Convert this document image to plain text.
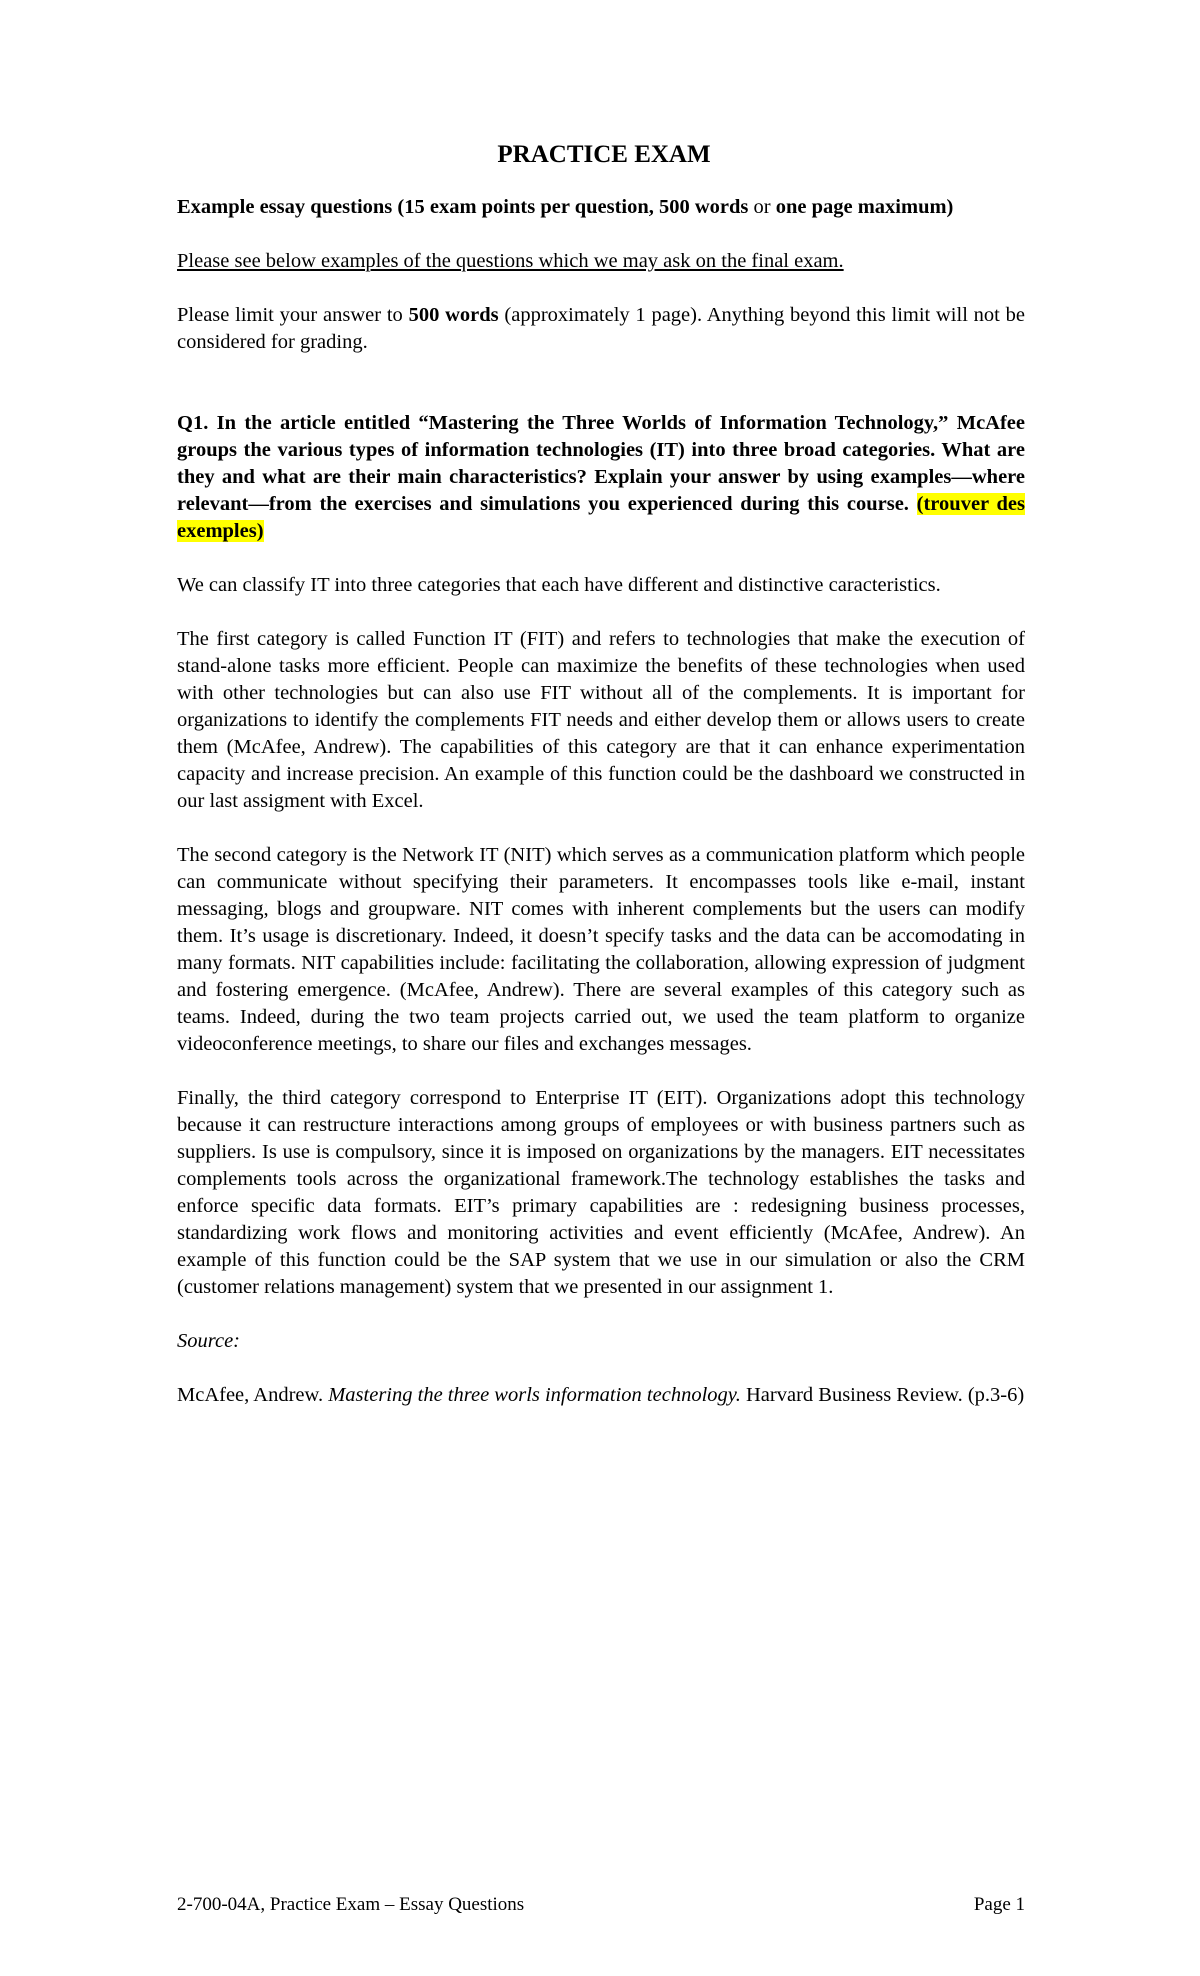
PRACTICE EXAM

Example essay questions (15 exam points per question, 500 words or one page maximum)

Please see below examples of the questions which we may ask on the final exam.

Please limit your answer to 500 words (approximately 1 page). Anything beyond this limit will not be considered for grading.

Q1. In the article entitled “Mastering the Three Worlds of Information Technology,” McAfee groups the various types of information technologies (IT) into three broad categories. What are they and what are their main characteristics? Explain your answer by using examples—where relevant—from the exercises and simulations you experienced during this course. (trouver des exemples)

We can classify IT into three categories that each have different and distinctive caracteristics.

The first category is called Function IT (FIT) and refers to technologies that make the execution of stand-alone tasks more efficient. People can maximize the benefits of these technologies when used with other technologies but can also use FIT without all of the complements. It is important for organizations to identify the complements FIT needs and either develop them or allows users to create them (McAfee, Andrew). The capabilities of this category are that it can enhance experimentation capacity and increase precision. An example of this function could be the dashboard we constructed in our last assigment with Excel.

The second category is the Network IT (NIT) which serves as a communication platform which people can communicate without specifying their parameters. It encompasses tools like e-mail, instant messaging, blogs and groupware. NIT comes with inherent complements but the users can modify them. It’s usage is discretionary. Indeed, it doesn’t specify tasks and the data can be accomodating in many formats. NIT capabilities include: facilitating the collaboration, allowing expression of judgment and fostering emergence. (McAfee, Andrew). There are several examples of this category such as teams. Indeed, during the two team projects carried out, we used the team platform to organize videoconference meetings, to share our files and exchanges messages.

Finally, the third category correspond to Enterprise IT (EIT). Organizations adopt this technology because it can restructure interactions among groups of employees or with business partners such as suppliers. Is use is compulsory, since it is imposed on organizations by the managers. EIT necessitates complements tools across the organizational framework.The technology establishes the tasks and enforce specific data formats. EIT’s primary capabilities are : redesigning business processes, standardizing work flows and monitoring activities and event efficiently (McAfee, Andrew). An example of this function could be the SAP system that we use in our simulation or also the CRM (customer relations management) system that we presented in our assignment 1.

Source:

McAfee, Andrew. Mastering the three worls information technology. Harvard Business Review. (p.3-6)

2-700-04A, Practice Exam – Essay Questions	Page 1
